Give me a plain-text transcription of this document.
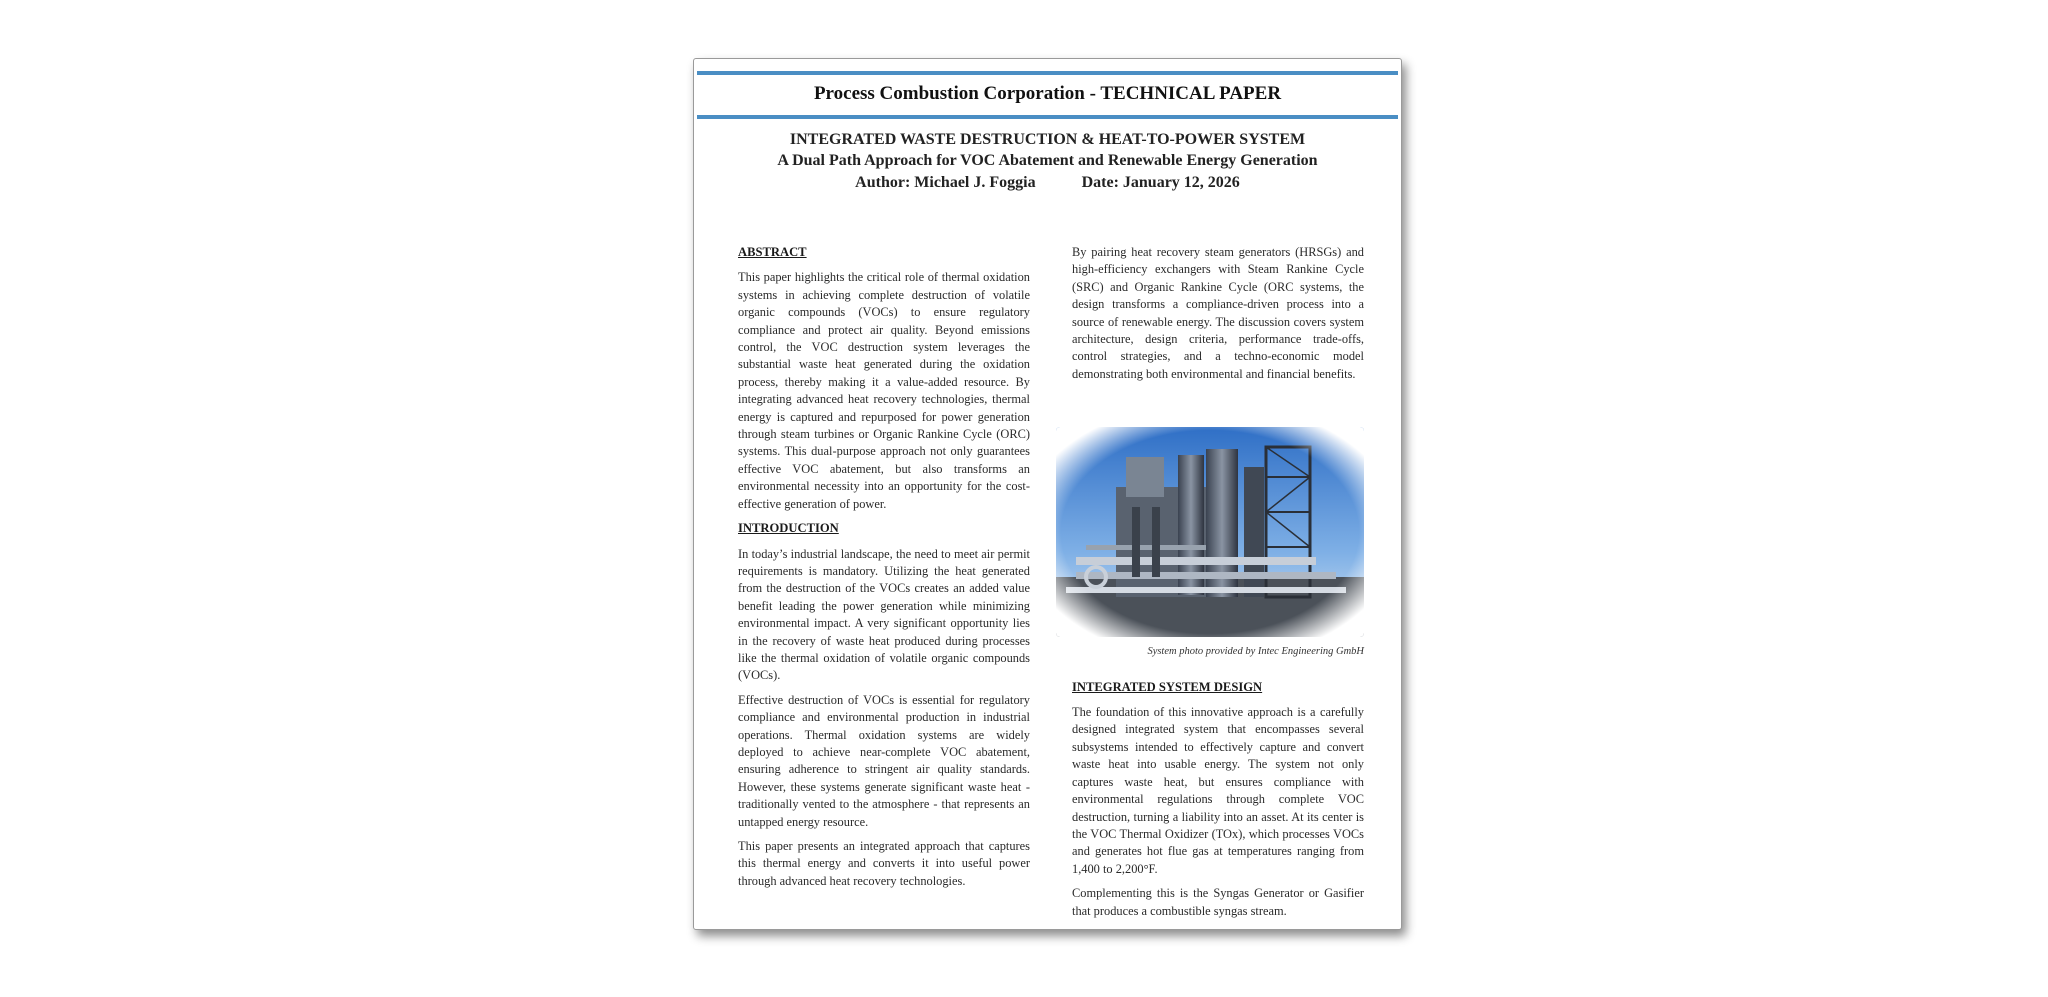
Process Combustion Corporation - TECHNICAL PAPER
INTEGRATED WASTE DESTRUCTION & HEAT-TO-POWER SYSTEM
A Dual Path Approach for VOC Abatement and Renewable Energy Generation
Author: Michael J. Foggia	Date: January 12, 2026
ABSTRACT

This paper highlights the critical role of thermal oxidation systems in achieving complete destruction of volatile organic compounds (VOCs) to ensure regulatory compliance and protect air quality. Beyond emissions control, the VOC destruction system leverages the substantial waste heat generated during the oxidation process, thereby making it a value-added resource. By integrating advanced heat recovery technologies, thermal energy is captured and repurposed for power generation through steam turbines or Organic Rankine Cycle (ORC) systems. This dual-purpose approach not only guarantees effective VOC abatement, but also transforms an environmental necessity into an opportunity for the cost-effective generation of power.

INTRODUCTION

In today’s industrial landscape, the need to meet air permit requirements is mandatory. Utilizing the heat generated from the destruction of the VOCs creates an added value benefit leading the power generation while minimizing environmental impact. A very significant opportunity lies in the recovery of waste heat produced during processes like the thermal oxidation of volatile organic compounds (VOCs).

Effective destruction of VOCs is essential for regulatory compliance and environmental production in industrial operations. Thermal oxidation systems are widely deployed to achieve near-complete VOC abatement, ensuring adherence to stringent air quality standards. However, these systems generate significant waste heat - traditionally vented to the atmosphere - that represents an untapped energy resource.

This paper presents an integrated approach that captures this thermal energy and converts it into useful power through advanced heat recovery technologies.

By pairing heat recovery steam generators (HRSGs) and high-efficiency exchangers with Steam Rankine Cycle (SRC) and Organic Rankine Cycle (ORC systems, the design transforms a compliance-driven process into a source of renewable energy. The discussion covers system architecture, design criteria, performance trade-offs, control strategies, and a techno-economic model demonstrating both environmental and financial benefits.

System photo provided by Intec Engineering GmbH
INTEGRATED SYSTEM DESIGN

The foundation of this innovative approach is a carefully designed integrated system that encompasses several subsystems intended to effectively capture and convert waste heat into usable energy. The system not only captures waste heat, but ensures compliance with environmental regulations through complete VOC destruction, turning a liability into an asset. At its center is the VOC Thermal Oxidizer (TOx), which processes VOCs and generates hot flue gas at temperatures ranging from 1,400 to 2,200°F.

Complementing this is the Syngas Generator or Gasifier that produces a combustible syngas stream.
